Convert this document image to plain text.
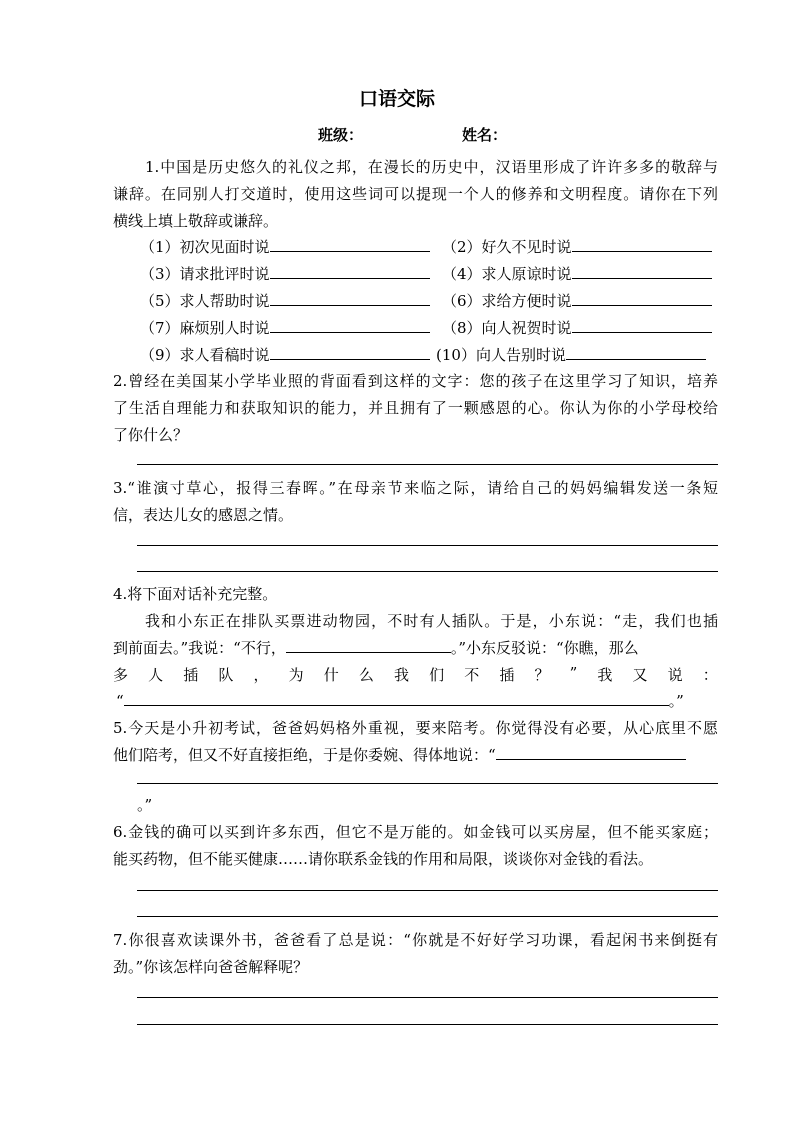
口语交际
班级：	姓名：
1.中国是历史悠久的礼仪之邦，在漫长的历史中，汉语里形成了许许多多的敬辞与
谦辞。在同别人打交道时，使用这些词可以提现一个人的修养和文明程度。请你在下列
横线上填上敬辞或谦辞。
（1）初次见面时说	（2）好久不见时说
（3）请求批评时说	（4）求人原谅时说
（5）求人帮助时说	（6）求给方便时说
（7）麻烦别人时说	（8）向人祝贺时说
（9）求人看稿时说	(10）向人告别时说
2.曾经在美国某小学毕业照的背面看到这样的文字：您的孩子在这里学习了知识，培养
了生活自理能力和获取知识的能力，并且拥有了一颗感恩的心。你认为你的小学母校给
了你什么？
3.“谁演寸草心，报得三春晖。”在母亲节来临之际，请给自己的妈妈编辑发送一条短
信，表达儿女的感恩之情。
4.将下面对话补充完整。
我和小东正在排队买票进动物园，不时有人插队。于是，小东说：“走，我们也插
到前面去。”我说：“不行，	。”小东反驳说：“你瞧，那么
多 人 插 队 ， 为 什 么 我 们 不 插 ？ ” 我 又 说 ：
“	。”
5.今天是小升初考试，爸爸妈妈格外重视，要来陪考。你觉得没有必要，从心底里不愿
他们陪考，但又不好直接拒绝，于是你委婉、得体地说：“
。”
6.金钱的确可以买到许多东西，但它不是万能的。如金钱可以买房屋，但不能买家庭；
能买药物，但不能买健康……请你联系金钱的作用和局限，谈谈你对金钱的看法。
7.你很喜欢读课外书，爸爸看了总是说：“你就是不好好学习功课，看起闲书来倒挺有
劲。”你该怎样向爸爸解释呢？
